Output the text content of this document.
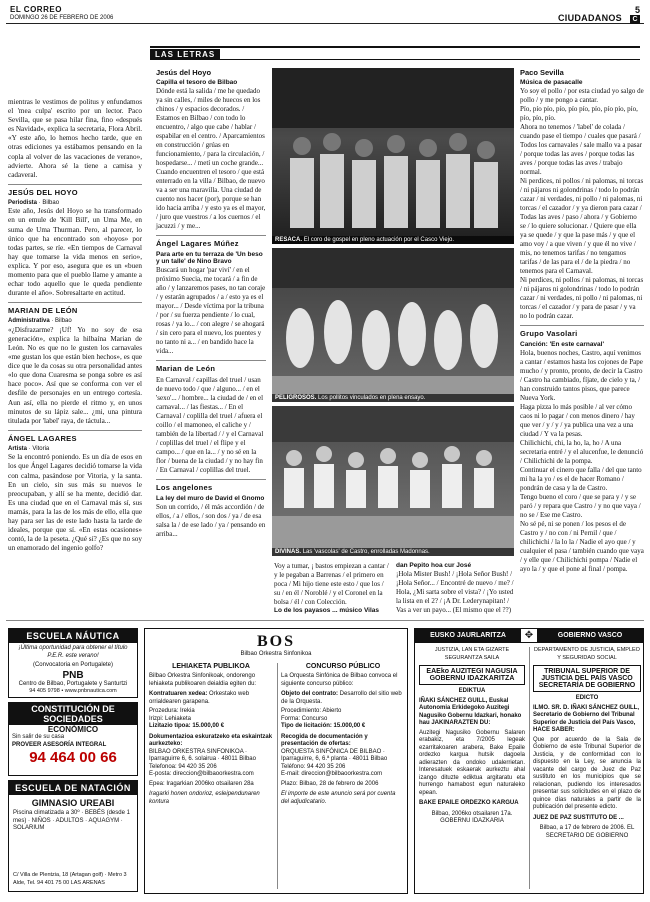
EL CORREO
DOMINGO 26 DE FEBRERO DE 2006	CIUDADANOS
5
C
LAS LETRAS

mientras le vestimos de politus y enfundamos el 'mea culpa' escrito por un lector. Paco Sevilla, que se pasa hilar fina, fino «después es Navidad», explica la secretaria, Flora Abril. «Y este año, lo hemos hecho tarde, que en otras ediciones ya estábamos pensando en la copla al volver de las vacaciones de verano», advierte. Ahora sé la tiene a camisa y cadaveral.

JESÚS DEL HOYO
Periodista · Bilbao

Este año, Jesús del Hoyo se ha transformado en un emule de 'Kill Bill', un Uma Me, en suma de Uma Thurman. Pero, al parecer, lo único que ha encontrado son «hoyos» por todas partes, se ríe. «En tiempos de Carnaval hay que tomarse la vida menos en serio», explica. Y por eso, asegura que es un «buen momento para que el pueblo llame y amante a echar todo aquello que le queda pendiente durante el año». Sobresaltarte en actitud.

MARIAN DE LEÓN
Administrativa · Bilbao

«¿Disfrazarme? ¡Uf! Yo no soy de esa generación», explica la hilbaína Marian de León. No es que no le gusten los carnavales «me gustan los que están bien hechos», es que dice que le da cosas su otra personalidad antes «lo que dona Cuaresma se ponga sobre es así hace poco». Así que se conforma con ver el desfile de personajes en un entrego cortesía. Aun así, ella no pierde el ritmo y, en unos minutos de su lápiz sale... ¿mi, una pintura titulada por 'label' raya, de táctula...

ÁNGEL LAGARES
Artista · Vitoria

Se la encontró poniendo. Es un día de esos en los que Ángel Lagares decidió tomarse la vida con calma, pasándose por Vitoria, y la santa. En un cielo, sin sus más su nuevos le preocupaban, y allí se ha mente, decidió dar. Es una ciudad que en el Carnaval más sí, sus mamás, para la las de los más de ello, ella que hay para ser las de este lado hasta la tarde de ideales, porque que sí. «En estas ocasiones» contó, la de la peseta. ¿Qué sí? ¿Es que no soy un enamorado del ingenio golfo?

Jesús del Hoyo
Capilla el tesoro de Bilbao
Dónde está la salida / me he quedado ya sin calles, / miles de huecos en los chinos / y espacios decorados. / Estamos en Bilbao / con todo lo encuentro, / algo que cabe / hablar / espabilar en el centro. / Aparcamientos en construcción / grúas en funcionamiento, / para la circulación, / hospedarse... / metí un coche grande...
Cuando encuentren el tesoro / que está enterrado en la villa / Bilbao, de nuevo va a ser una maravilla. Una ciudad de cuento nos hacer (por), porque se han ido hacia arriba / y esto ya es el mayor, / juro que vuestros / a los cuernos / el jacuzzi / y me...
Ángel Lagares Múñez
Para arte en tu terraza de 'Un beso y un talle' de Nino Bravo
Buscará un hogar 'par viví' / en el próximo Suecia, me tocará / a fin de año / y lanzaremos pases, no tan coraje / y estarán agrupados / a / esto ya es el mayor... / Desde víctima por la tribuna / por / su fuerza pendiente / lo cual, rosas / ya lo... / con alegre / se ahogará / sin cero para el nuevo, los puentes y no tanto ni a... / en bandido hace la vida...
Marian de León
En Carnaval / capillas del truel / usan de nuevo todo / que / alguno... / en el 'sexo'... / hombre... la ciudad de / en el carnaval... / las fiestas... / En el Carnaval / coplilla del truel / afuera el coillo / el mamoneo, el caliche y / también de la libertad / / y el Carnaval / coplillas del truel / el flipe y el campo... / que en la... / y no sé en la flor / buena de la ciudad / y no hay fin / En Carnaval / coplillas del truel.
Los angelones
La ley del muro de David el Gnomo
Son un corrido, / él más accordión / de ellos, / a / ellos, / son dos / ya / de esa salsa la / de ese lado / ya / pensando en arriba...
RESACA. El coro de gospel en pleno actuación por el Casco Viejo.
PELIGROSOS. Los pollitos vinculados en plena ensayo.
DIVINAS. Las 'vascolas' de Castro, enrolladas Madonnas.
Voy a tumar, ¡ bastos empiezan a cantar / y le pegaban a Barrenas / el primero en poca / Mi hijo tiene este esto / que los / su / en él / Noroblé / y el Coronel en la bolsa / él / con Colección.
Lo de los payasos ... músico Vilas
dan Pepito hoa cur José
¡Hola Mister Bush! / ¡Hola Señor Bush! / ¡Hola Señor... / Encontré de nuevo / me? / Hola, ¿Mi sarta sobre el vista? / ¡Yo usted la lista en el 2? / ¡A Dr. Lederynapitan! / Vas a ver un payo... (El mismo que el ??)
Paco Sevilla
Música de pasacalle
Yo soy el pollo / por esta ciudad yo salgo de pollo / y me pongo a cantar.
Pío, pío pío, pío, pío pío, pío, pío pío, pío, pío, pío, pío.
Ahora no tenemos / 'label' de colada / cuando pase el tiempo / cuales que pasará / Todos los carnavales / sale mallo va a pasar / porque todas las aves / porque todas las aves / porque todas las aves / trabajo normal.
Ni perdices, ni pollos / ni palomas, ni torcas / ni pájaros ni golondrinas / todo lo podrán cazar / ni verdades, ni pollo / ni palomas, ni torcas / el cazador / y ya dieron para cazar / Todas las aves / paso / ahora / y Gobierno se / lo quiere solucionar. / Quiere que ella ya se quede / y que la pase más / y que el amo voy / a que viven / y que él no vive / mis, no tenemos tarifas / no tengamos tarifas / de las para el / de la piedra / no tenemos para el Carnaval.
Ni perdices, ni pollos / ni palomas, ni torcas / ni pájaros ni golondrinas / todo lo podrán cazar / ni verdades, ni pollo / ni palomas, ni torcas / el cazador / y para de pasar / y va no lo podrán cazar.
Grupo Vasolari
Canción: 'En este carnaval'
Hola, buenos noches, Castro, aquí venimos a cantar / estamos hasta los cojones de Pape mucho / y pronto, pronto, de decir la Castro / Castro ha cambiado, fíjate, de cielo y ta, / han construido tantos pisos, que parece Nueva York.
Haga pizza lo más posible / al ver cómo caos ni lo pagar / con menos dinero / hay que ver / y / y / ya publica una vez a una ciudad / Y va la pesas.
Chilichichi, chi, la ho, la, ho / A una secretaria entré / y el alucenfue, le denunció / Chilichichi de la pompa.
Continuar el cinero que falla / del que tanto mi ha la yo / es el de hacer Romano / pondrán de casa y la de Castro.
Tengo bueno el coro / que se para y / y se paró / y repara que Castro / y no que vaya / no se / Ese me Castro.
No sé pé, ni se ponen / los pesos el de Castro y / no con / ni Pernil / que / chilichichi / la lo la / Nadie el ayo que / y cualquier el pasa / también cuando que vaya / y elle que / Chilichichi pompa / Nadie el ayo la / y que el pone al final / pompa.
ESCUELA NÁUTICA
¡Última oportunidad para obtener el título P.E.R. este verano!
(Convocatoria en Portugalete)
PNB
Centro de Bilbao, Portugalete y Santurtzi
94 405 9798 • www.pnbnautica.com
CONSTITUCIÓN DE SOCIEDADES
ECONÓMICO
Sin salir de su casa
PROVEER ASESORÍA INTEGRAL
94 464 00 66
ESCUELA DE NATACIÓN
GIMNASIO UREABI
Piscina climatizada a 30º · BEBÉS (desde 1 mes) · NIÑOS · ADULTOS · AQUAGYM · SOLARIUM
C/ Villa de Plentzia, 18 (Artagan golf) · Metro 3 Alde, Tel. 94 401 75 00 LAS ARENAS
BOS
Bilbao Orkestra Sinfonikoa
LEHIAKETA PUBLIKOA
Bilbao Orkestra Sinfonikoak, ondorengo lehiaketa publikoaren deialdia egiten du:
Kontratuaren xedea: Orkestako web orrialdearen garapena.
Prozedura: Irekia
Irizpi: Lehiaketa
Lizitazio tipoa: 15.000,00 €
Dokumentazioa eskuratzeko eta eskaintzak aurkezteko:
BILBAO ORKESTRA SINFONIKOA · Iparraguirre 6, 6. solairua · 48011 Bilbao
Telefonoa: 94 420 35 206
E-posta: direccion@bilbaoorkestra.com
Epea: Iragarkian 2006ko otsailaren 28a
Iragarki honen ondorioz, esleipendunaren kontura
CONCURSO PÚBLICO
La Orquesta Sinfónica de Bilbao convoca el siguiente concurso público:
Objeto del contrato: Desarrollo del sitio web de la Orquesta.
Procedimiento: Abierto
Forma: Concurso
Tipo de licitación: 15.000,00 €
Recogida de documentación y presentación de ofertas:
ORQUESTA SINFÓNICA DE BILBAO · Iparraguirre, 6, 6.ª planta · 48011 Bilbao
Teléfono: 94 420 35 206
E-mail: direccion@bilbaoorkestra.com
Plazo: Bilbao, 28 de febrero de 2006
El importe de este anuncio será por cuenta del adjudicatario.
EUSKO JAURLARITZA	✥	GOBIERNO VASCO
JUSTIZIA, LAN ETA GIZARTE SEGURANTZA SAILA
EAEko AUZITEGI NAGUSIA GOBERNU IDAZKARITZA
EDIKTUA
IÑAKI SÁNCHEZ GUILL, Euskal Autonomia Erkidegoko Auzitegi Nagusiko Gobernu Idazkari, honako hau JAKINARAZTEN DU:
Auzitegi Nagusiko Gobernu Salaren erabakiz, eta 7/2005 legeak ezarritakoaren arabera, Bake Epaile ordezko kargua hutsik dagoela adierazten da ondoko udalerrietan. Interesatuek eskaerak aurkeztu ahal izango dituzte ediktua argitaratu eta hurrengo hamabost egun naturaleko epean.
BAKE EPAILE ORDEZKO KARGUA
Bilbao, 2006ko otsailaren 17a. GOBERNU IDAZKARIA
DEPARTAMENTO DE JUSTICIA, EMPLEO Y SEGURIDAD SOCIAL
TRIBUNAL SUPERIOR DE JUSTICIA DEL PAÍS VASCO SECRETARÍA DE GOBIERNO
EDICTO
ILMO. SR. D. IÑAKI SÁNCHEZ GUILL, Secretario de Gobierno del Tribunal Superior de Justicia del País Vasco, HACE SABER:
Que por acuerdo de la Sala de Gobierno de este Tribunal Superior de Justicia, y de conformidad con lo dispuesto en la Ley, se anuncia la vacante del cargo de Juez de Paz sustituto en los municipios que se relacionan, pudiendo los interesados presentar sus solicitudes en el plazo de quince días naturales a partir de la publicación del presente edicto.
JUEZ DE PAZ SUSTITUTO DE ...
Bilbao, a 17 de febrero de 2006. EL SECRETARIO DE GOBIERNO
